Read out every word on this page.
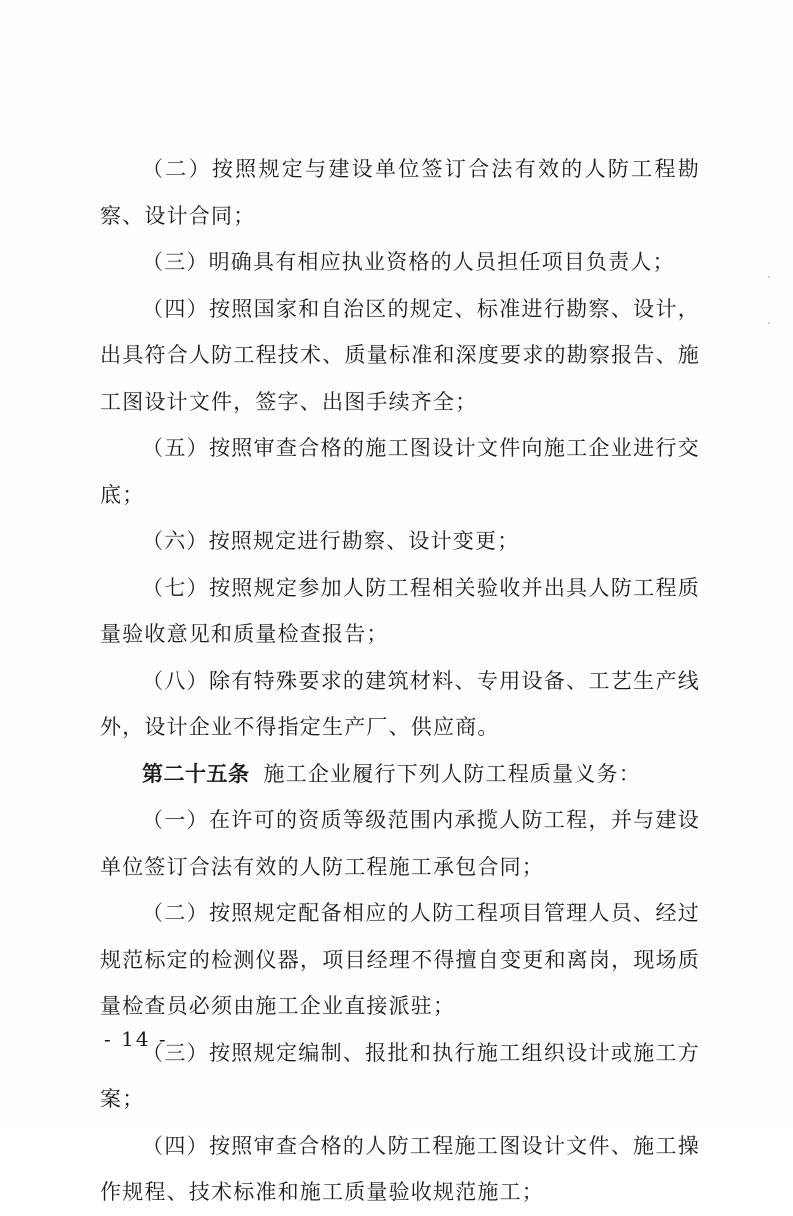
（二）按照规定与建设单位签订合法有效的人防工程勘察、设计合同；

（三）明确具有相应执业资格的人员担任项目负责人；

（四）按照国家和自治区的规定、标准进行勘察、设计，出具符合人防工程技术、质量标准和深度要求的勘察报告、施工图设计文件，签字、出图手续齐全；

（五）按照审查合格的施工图设计文件向施工企业进行交底；

（六）按照规定进行勘察、设计变更；

（七）按照规定参加人防工程相关验收并出具人防工程质量验收意见和质量检查报告；

（八）除有特殊要求的建筑材料、专用设备、工艺生产线外，设计企业不得指定生产厂、供应商。

第二十五条 施工企业履行下列人防工程质量义务：

（一）在许可的资质等级范围内承揽人防工程，并与建设单位签订合法有效的人防工程施工承包合同；

（二）按照规定配备相应的人防工程项目管理人员、经过规范标定的检测仪器，项目经理不得擅自变更和离岗，现场质量检查员必须由施工企业直接派驻；

（三）按照规定编制、报批和执行施工组织设计或施工方案；

（四）按照审查合格的人防工程施工图设计文件、施工操作规程、技术标准和施工质量验收规范施工；

- 14 -
